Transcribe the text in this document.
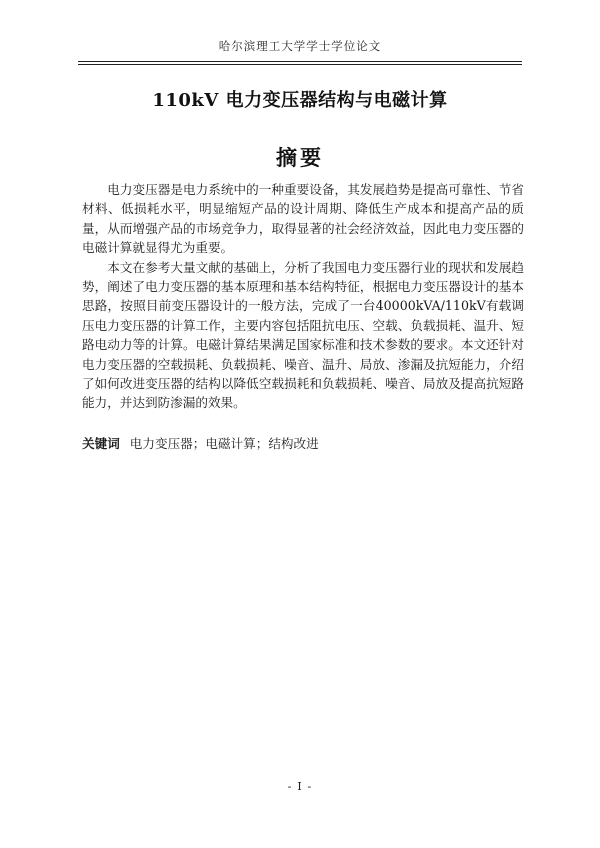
哈尔滨理工大学学士学位论文
110kV 电力变压器结构与电磁计算
摘要

电力变压器是电力系统中的一种重要设备，其发展趋势是提高可靠性、节省材料、低损耗水平，明显缩短产品的设计周期、降低生产成本和提高产品的质量，从而增强产品的市场竞争力，取得显著的社会经济效益，因此电力变压器的电磁计算就显得尤为重要。

本文在参考大量文献的基础上，分析了我国电力变压器行业的现状和发展趋势，阐述了电力变压器的基本原理和基本结构特征，根据电力变压器设计的基本思路，按照目前变压器设计的一般方法，完成了一台40000kVA/110kV有载调压电力变压器的计算工作，主要内容包括阻抗电压、空载、负载损耗、温升、短路电动力等的计算。电磁计算结果满足国家标准和技术参数的要求。本文还针对电力变压器的空载损耗、负载损耗、噪音、温升、局放、渗漏及抗短能力，介绍了如何改进变压器的结构以降低空载损耗和负载损耗、噪音、局放及提高抗短路能力，并达到防渗漏的效果。

关键词 电力变压器；电磁计算；结构改进
- I -
